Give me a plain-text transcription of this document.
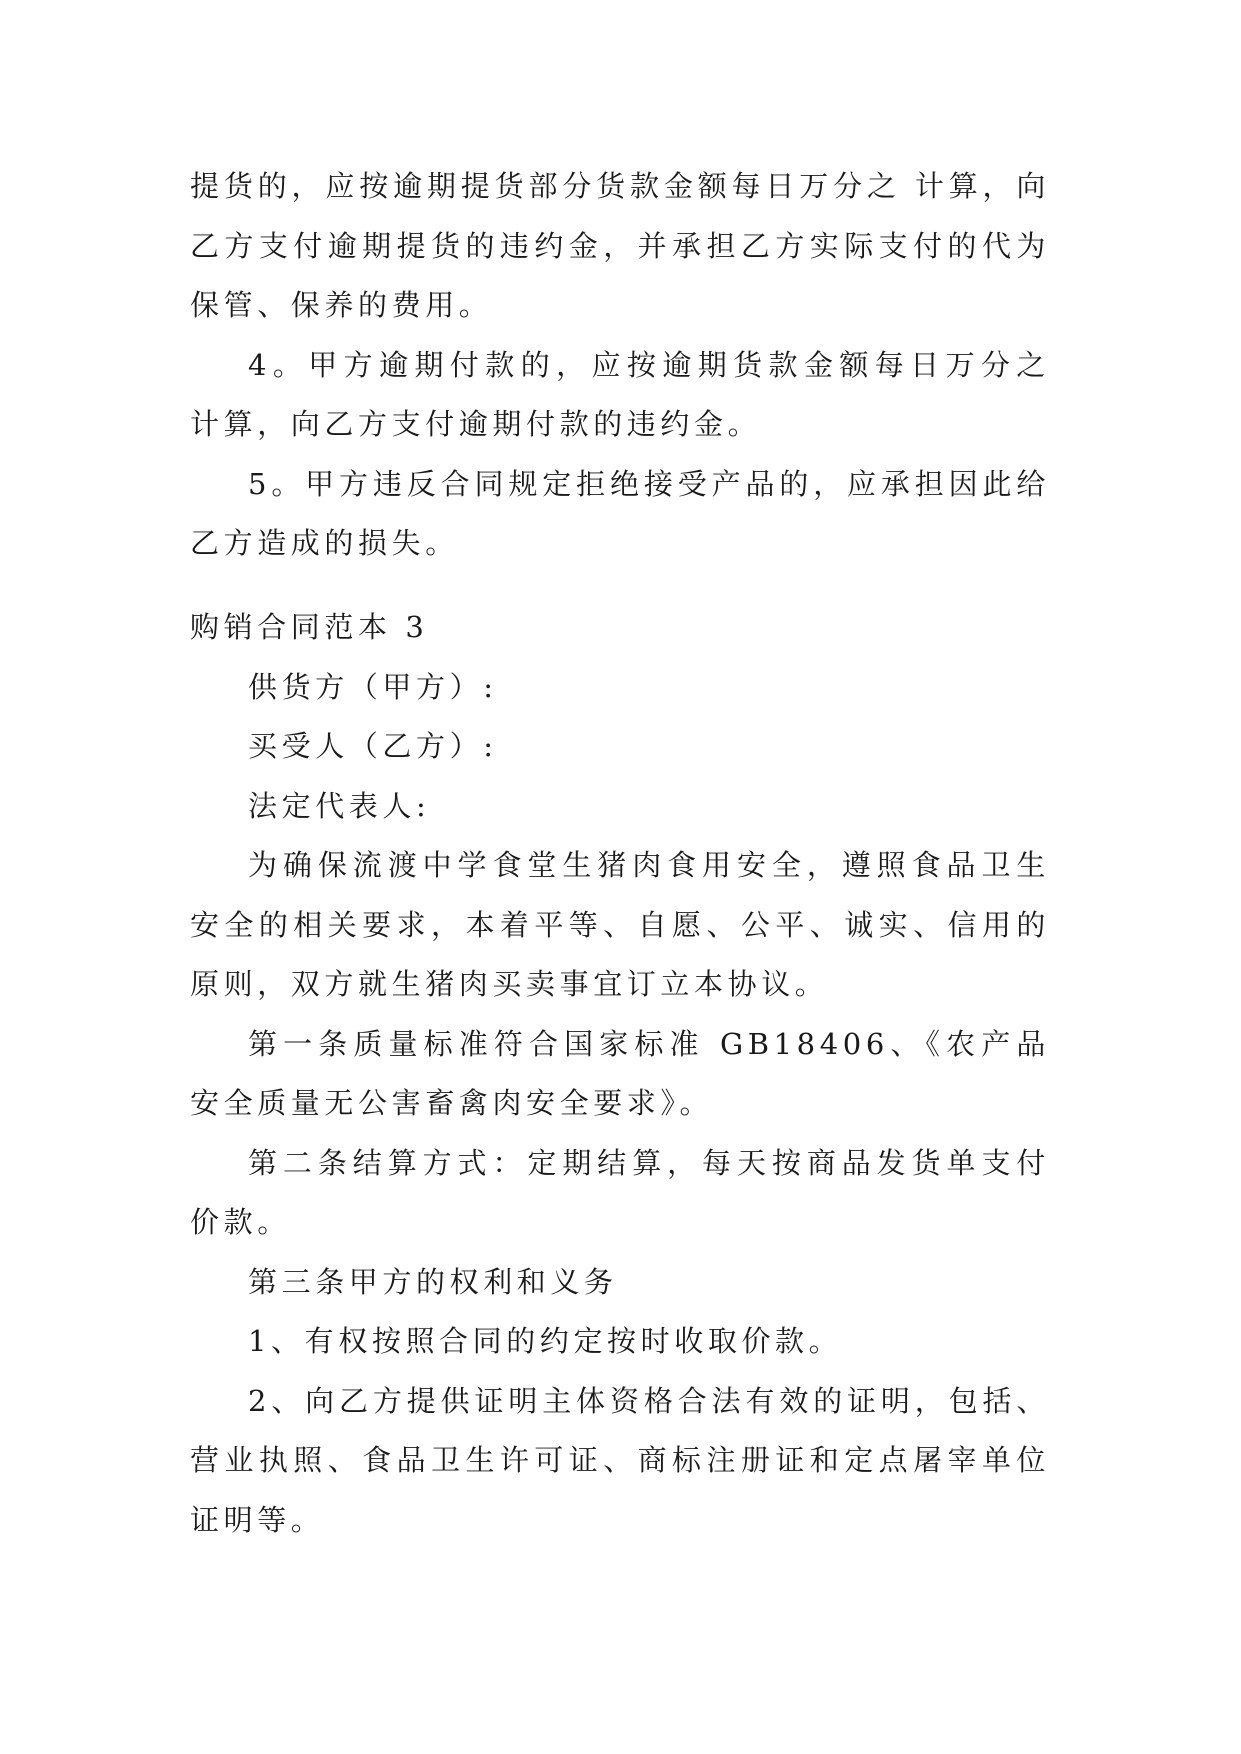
提货的，应按逾期提货部分货款金额每日万分之 计算，向乙方支付逾期提货的违约金，并承担乙方实际支付的代为保管、保养的费用。

4。甲方逾期付款的，应按逾期货款金额每日万分之 计算，向乙方支付逾期付款的违约金。

5。甲方违反合同规定拒绝接受产品的，应承担因此给乙方造成的损失。

购销合同范本 3

供货方（甲方）:

买受人（乙方）:

法定代表人:

为确保流渡中学食堂生猪肉食用安全，遵照食品卫生安全的相关要求，本着平等、自愿、公平、诚实、信用的原则，双方就生猪肉买卖事宜订立本协议。

第一条质量标准符合国家标准 GB18406、《农产品安全质量无公害畜禽肉安全要求》。

第二条结算方式：定期结算，每天按商品发货单支付价款。

第三条甲方的权利和义务

1、有权按照合同的约定按时收取价款。

2、向乙方提供证明主体资格合法有效的证明，包括、营业执照、食品卫生许可证、商标注册证和定点屠宰单位证明等。
